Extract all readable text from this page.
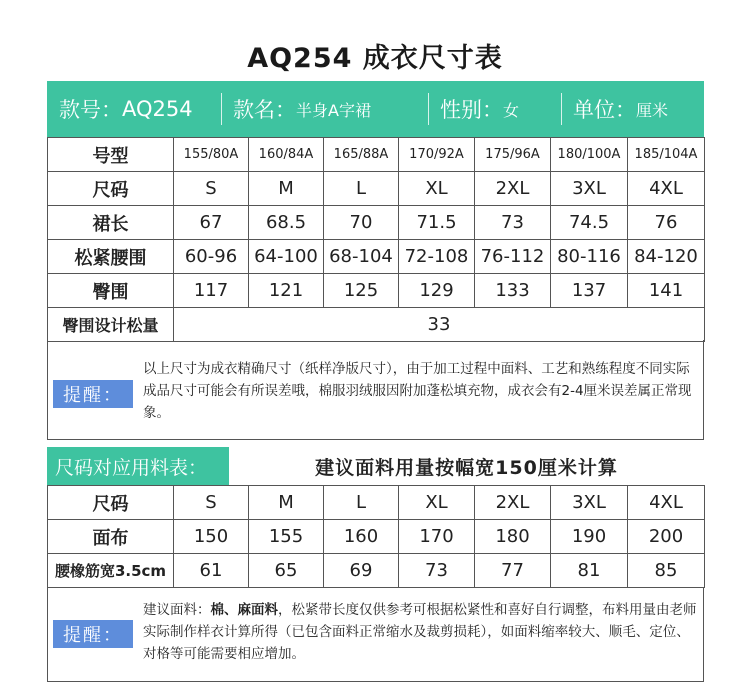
AQ254 成衣尺寸表
款号： AQ254 款名： 半身A字裙	性别： 女	单位： 厘米
号型	155/80A	160/84A	165/88A	170/92A	175/96A	180/100A	185/104A
尺码	S	M	L	XL	2XL	3XL	4XL
裙长	67	68.5	70	71.5	73	74.5	76
松紧腰围	60-96	64-100	68-104	72-108	76-112	80-116	84-120
臀围	117	121	125	129	133	137	141
臀围设计松量	33						
提醒：
以上尺寸为成衣精确尺寸（纸样净版尺寸），由于加工过程中面料、工艺和熟练程度不同实际成品尺寸可能会有所误差哦，棉服羽绒服因附加蓬松填充物，成衣会有2-4厘米误差属正常现象。
尺码对应用料表：	建议面料用量按幅宽150厘米计算
尺码	S	M	L	XL	2XL	3XL	4XL
面布	150	155	160	170	180	190	200
腰橡筋宽3.5cm	61	65	69	73	77	81	85
提醒：
建议面料：棉、麻面料，松紧带长度仅供参考可根据松紧性和喜好自行调整，布料用量由老师实际制作样衣计算所得（已包含面料正常缩水及裁剪损耗），如面料缩率较大、顺毛、定位、对格等可能需要相应增加。
